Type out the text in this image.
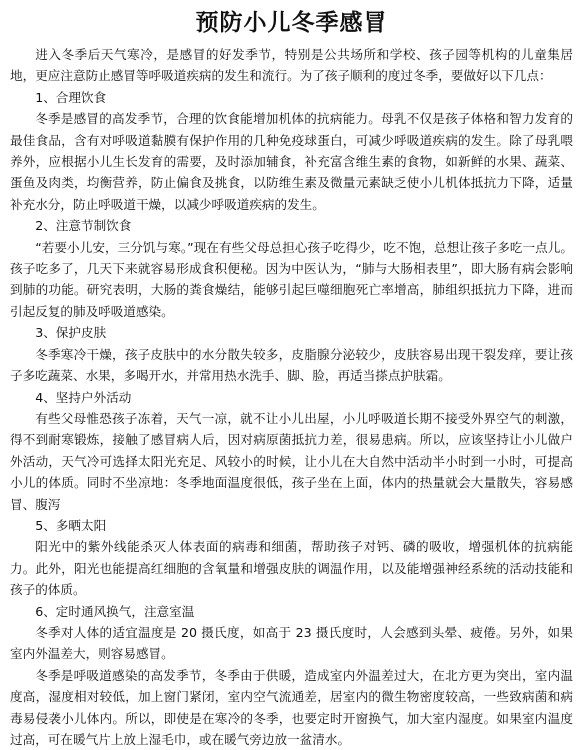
预防小儿冬季感冒

进入冬季后天气寒冷，是感冒的好发季节，特别是公共场所和学校、孩子园等机构的儿童集居地，更应注意防止感冒等呼吸道疾病的发生和流行。为了孩子顺利的度过冬季，要做好以下几点：

1、合理饮食

冬季是感冒的高发季节，合理的饮食能增加机体的抗病能力。母乳不仅是孩子体格和智力发育的最佳食品，含有对呼吸道黏膜有保护作用的几种免疫球蛋白，可减少呼吸道疾病的发生。除了母乳喂养外，应根据小儿生长发育的需要，及时添加辅食，补充富含维生素的食物，如新鲜的水果、蔬菜、蛋鱼及肉类，均衡营养，防止偏食及挑食，以防维生素及微量元素缺乏使小儿机体抵抗力下降，适量补充水分，防止呼吸道干燥，以减少呼吸道疾病的发生。

2、注意节制饮食

“若要小儿安，三分饥与寒。”现在有些父母总担心孩子吃得少，吃不饱，总想让孩子多吃一点儿。孩子吃多了，几天下来就容易形成食积便秘。因为中医认为，“肺与大肠相表里”，即大肠有病会影响到肺的功能。研究表明，大肠的粪食燥结，能够引起巨噬细胞死亡率增高，肺组织抵抗力下降，进而引起反复的肺及呼吸道感染。

3、保护皮肤

冬季寒冷干燥，孩子皮肤中的水分散失较多，皮脂腺分泌较少，皮肤容易出现干裂发痒，要让孩子多吃蔬菜、水果，多喝开水，并常用热水洗手、脚、脸，再适当搽点护肤霜。

4、坚持户外活动

有些父母惟恐孩子冻着，天气一凉，就不让小儿出屋，小儿呼吸道长期不接受外界空气的刺激，得不到耐寒锻炼，接触了感冒病人后，因对病原菌抵抗力差，很易患病。所以，应该坚持让小儿做户外活动，天气冷可选择太阳光充足、风较小的时候，让小儿在大自然中活动半小时到一小时，可提高小儿的体质。同时不坐凉地：冬季地面温度很低，孩子坐在上面，体内的热量就会大量散失，容易感冒、腹泻

5、多晒太阳

阳光中的紫外线能杀灭人体表面的病毒和细菌，帮助孩子对钙、磷的吸收，增强机体的抗病能力。此外，阳光也能提高红细胞的含氧量和增强皮肤的调温作用，以及能增强神经系统的活动技能和孩子的体质。

6、定时通风换气，注意室温

冬季对人体的适宜温度是 20 摄氏度，如高于 23 摄氏度时，人会感到头晕、疲倦。另外，如果室内外温差大，则容易感冒。

冬季是呼吸道感染的高发季节，冬季由于供暖，造成室内外温差过大，在北方更为突出，室内温度高，湿度相对较低，加上窗门紧闭，室内空气流通差，居室内的微生物密度较高，一些致病菌和病毒易侵袭小儿体内。所以，即使是在寒冷的冬季，也要定时开窗换气，加大室内湿度。如果室内温度过高，可在暖气片上放上湿毛巾，或在暖气旁边放一盆清水。
